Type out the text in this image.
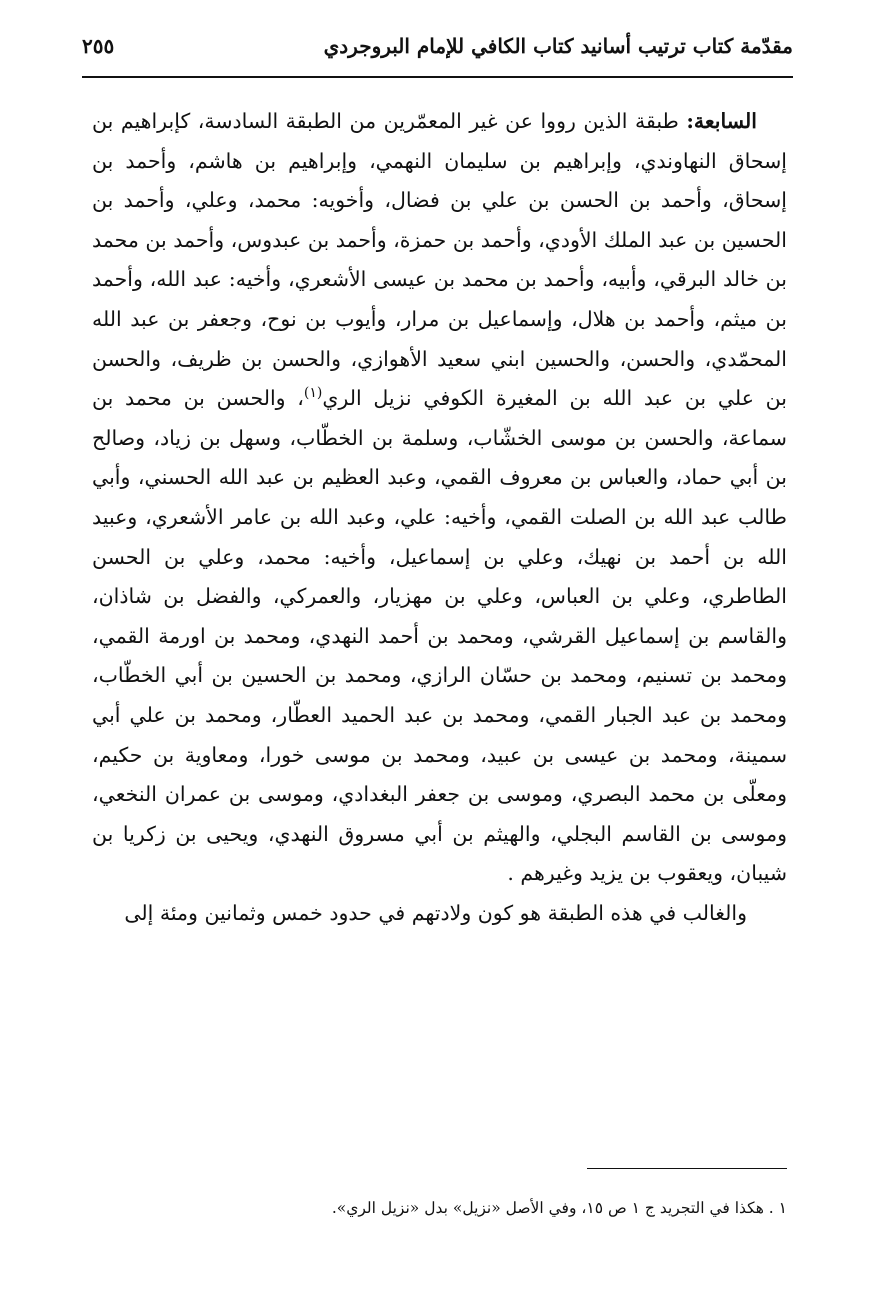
مقدّمة كتاب ترتيب أسانيد كتاب الكافي للإمام البروجردي
٢٥٥

السابعة: طبقة الذين رووا عن غير المعمّرين من الطبقة السادسة، كإبراهيم بن إسحاق النهاوندي، وإبراهيم بن سليمان النهمي، وإبراهيم بن هاشم، وأحمد بن إسحاق، وأحمد بن الحسن بن علي بن فضال، وأخويه: محمد، وعلي، وأحمد بن الحسين بن عبد الملك الأودي، وأحمد بن حمزة، وأحمد بن عبدوس، وأحمد بن محمد بن خالد البرقي، وأبيه، وأحمد بن محمد بن عيسى الأشعري، وأخيه: عبد الله، وأحمد بن ميثم، وأحمد بن هلال، وإسماعيل بن مرار، وأيوب بن نوح، وجعفر بن عبد الله المحمّدي، والحسن، والحسين ابني سعيد الأهوازي، والحسن بن ظريف، والحسن بن علي بن عبد الله بن المغيرة الكوفي نزيل الري$^{(١)}$، والحسن بن محمد بن سماعة، والحسن بن موسى الخشّاب، وسلمة بن الخطّاب، وسهل بن زياد، وصالح بن أبي حماد، والعباس بن معروف القمي، وعبد العظيم بن عبد الله الحسني، وأبي طالب عبد الله بن الصلت القمي، وأخيه: علي، وعبد الله بن عامر الأشعري، وعبيد الله بن أحمد بن نهيك، وعلي بن إسماعيل، وأخيه: محمد، وعلي بن الحسن الطاطري، وعلي بن العباس، وعلي بن مهزيار، والعمركي، والفضل بن شاذان، والقاسم بن إسماعيل القرشي، ومحمد بن أحمد النهدي، ومحمد بن اورمة القمي، ومحمد بن تسنيم، ومحمد بن حسّان الرازي، ومحمد بن الحسين بن أبي الخطّاب، ومحمد بن عبد الجبار القمي، ومحمد بن عبد الحميد العطّار، ومحمد بن علي أبي سمينة، ومحمد بن عيسى بن عبيد، ومحمد بن موسى خورا، ومعاوية بن حكيم، ومعلّى بن محمد البصري، وموسى بن جعفر البغدادي، وموسى بن عمران النخعي، وموسى بن القاسم البجلي، والهيثم بن أبي مسروق النهدي، ويحيى بن زكريا بن شيبان، ويعقوب بن يزيد وغيرهم .

والغالب في هذه الطبقة هو كون ولادتهم في حدود خمس وثمانين ومئة إلى

١ . هكذا في التجريد ج ١ ص ١٥، وفي الأصل «نزيل» بدل «نزيل الري».
